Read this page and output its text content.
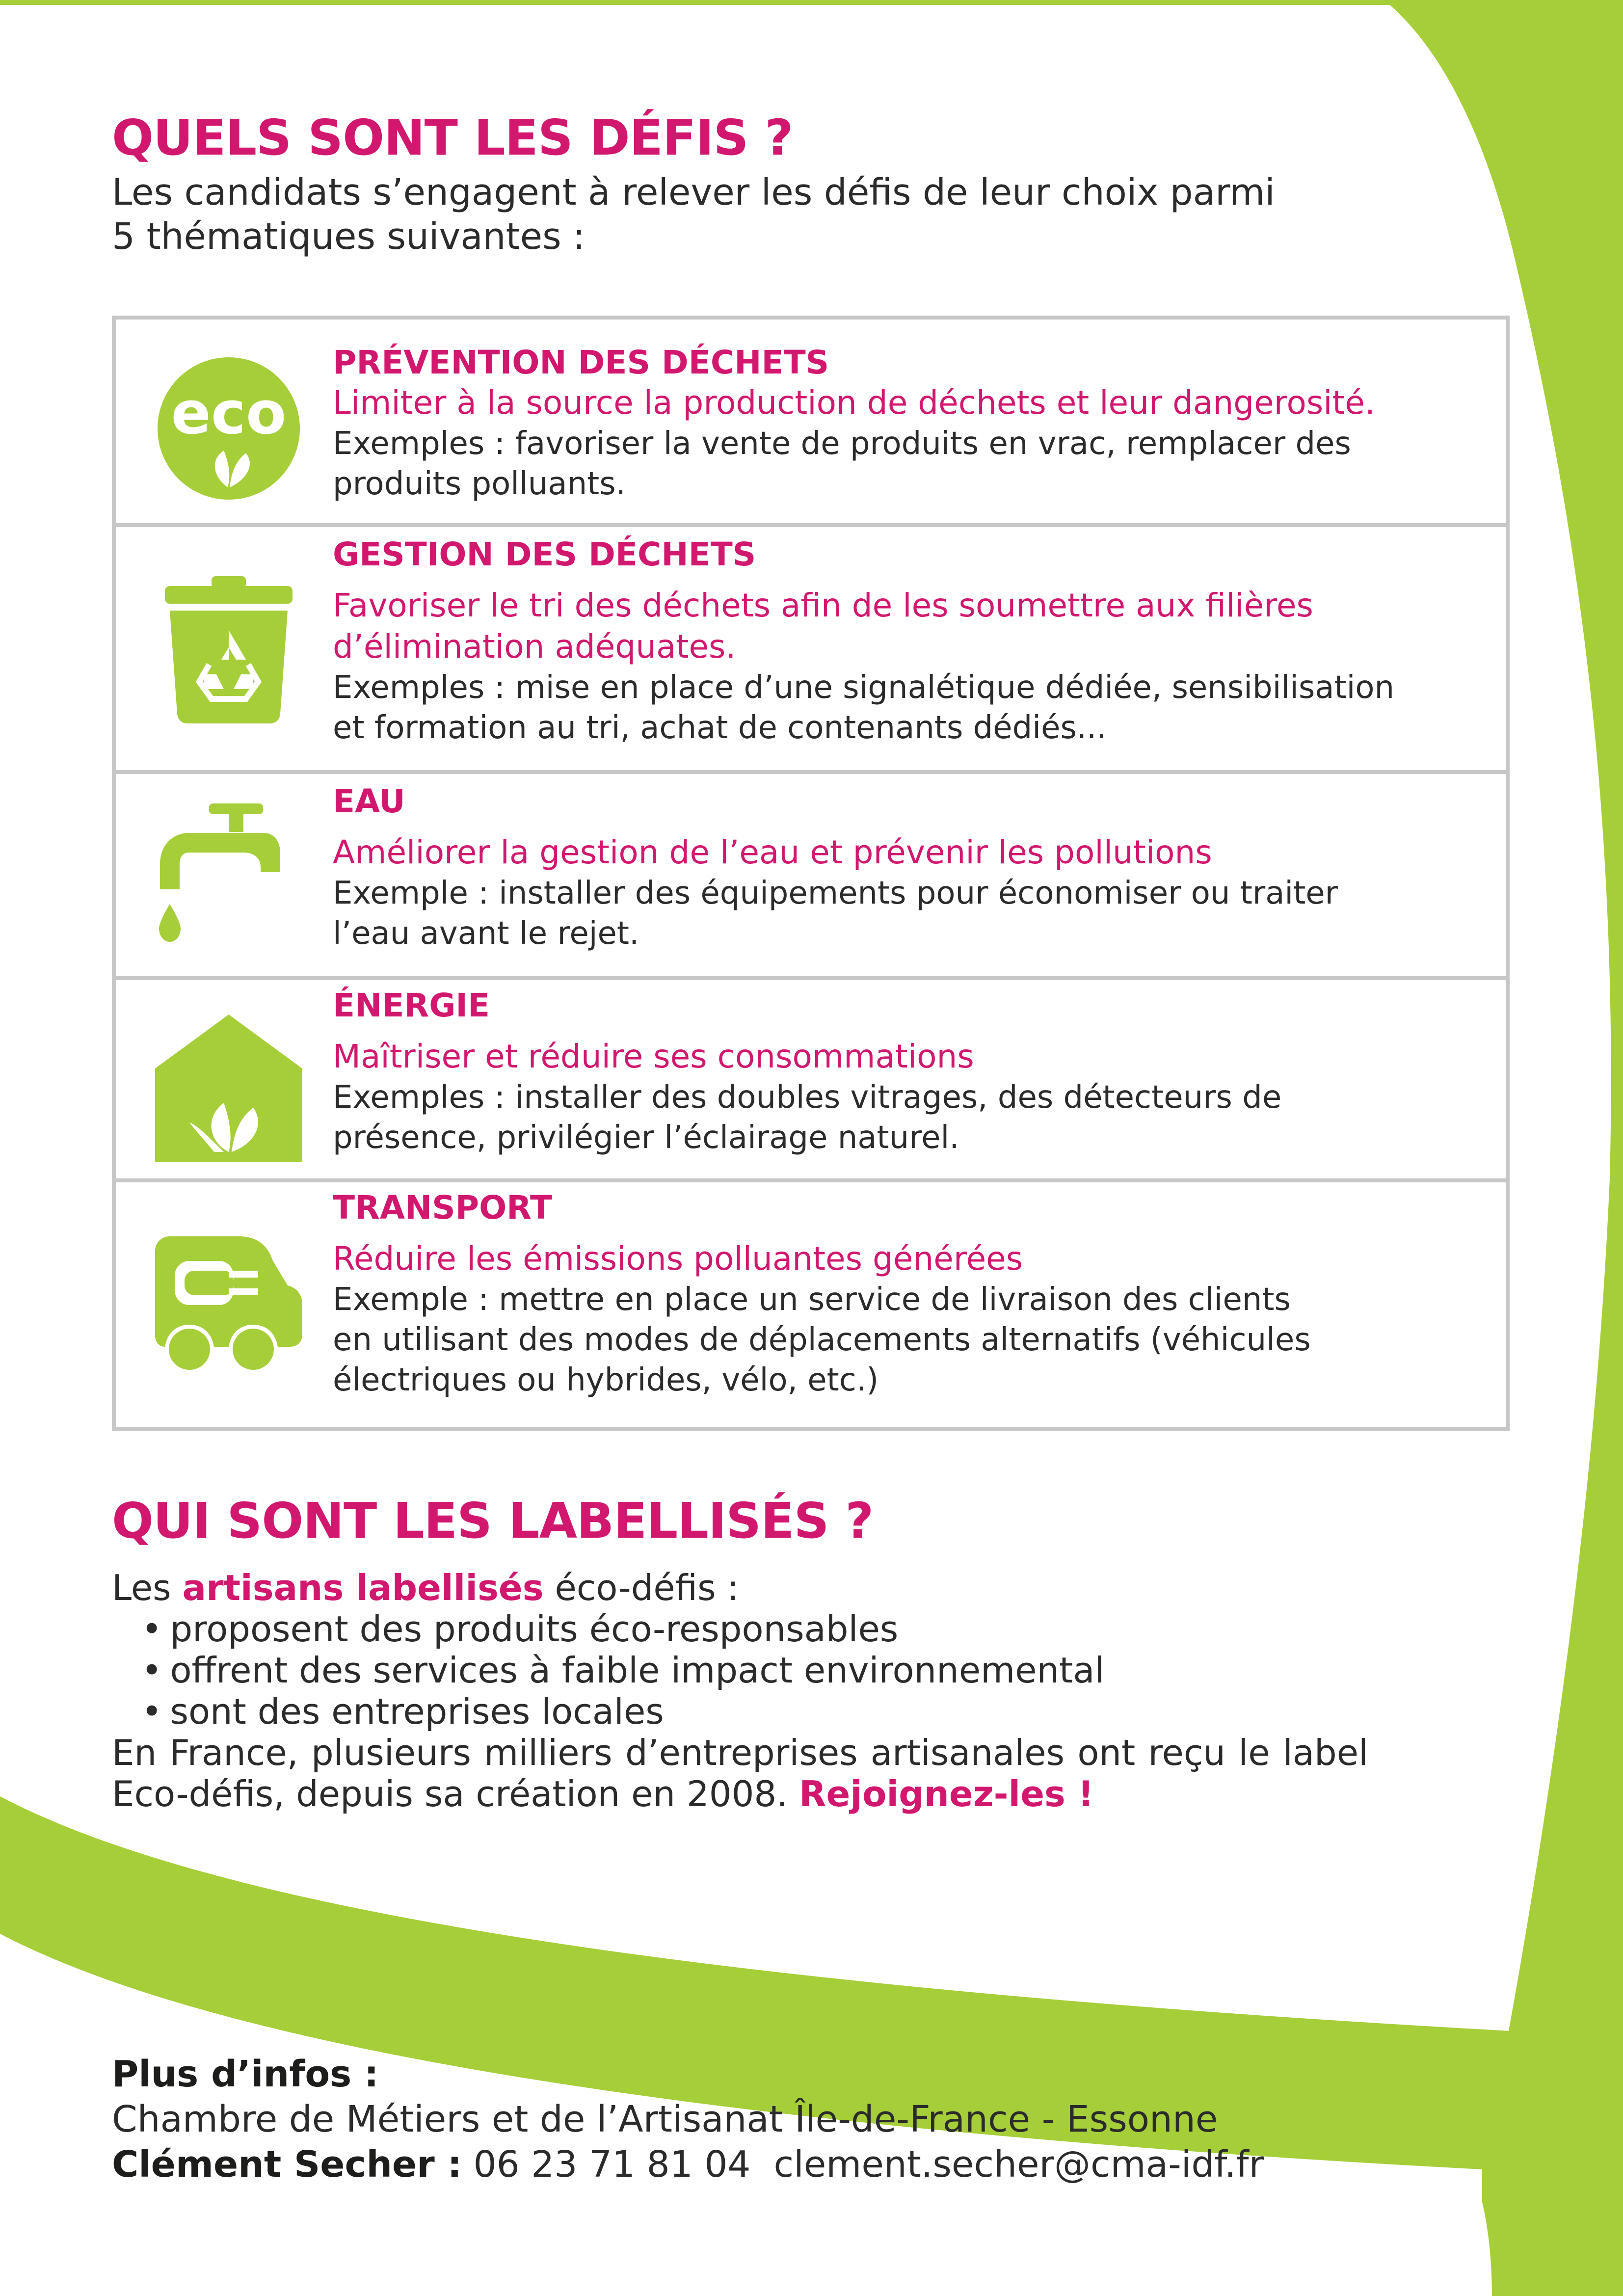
QUELS SONT LES DÉFIS ?

Les candidats s’engagent à relever les défis de leur choix parmi

5 thématiques suivantes :

eco

PRÉVENTION DES DÉCHETS

Limiter à la source la production de déchets et leur dangerosité.

Exemples : favoriser la vente de produits en vrac, remplacer des

produits polluants.

GESTION DES DÉCHETS

Favoriser le tri des déchets afin de les soumettre aux filières

d’élimination adéquates.

Exemples : mise en place d’une signalétique dédiée, sensibilisation

et formation au tri, achat de contenants dédiés...

EAU

Améliorer la gestion de l’eau et prévenir les pollutions

Exemple : installer des équipements pour économiser ou traiter

l’eau avant le rejet.

ÉNERGIE

Maîtriser et réduire ses consommations

Exemples : installer des doubles vitrages, des détecteurs de

présence, privilégier l’éclairage naturel.

TRANSPORT

Réduire les émissions polluantes générées

Exemple : mettre en place un service de livraison des clients

en utilisant des modes de déplacements alternatifs (véhicules

électriques ou hybrides, vélo, etc.)

QUI SONT LES LABELLISÉS ?

Les artisans labellisés éco-défis :

• proposent des produits éco-responsables
• offrent des services à faible impact environnemental
• sont des entreprises locales

En France, plusieurs milliers d’entreprises artisanales ont reçu le label

Eco-défis, depuis sa création en 2008. Rejoignez-les !

Plus d’infos :

Chambre de Métiers et de l’Artisanat Île-de-France - Essonne

Clément Secher : 06 23 71 81 04 clement.secher@cma-idf.fr
